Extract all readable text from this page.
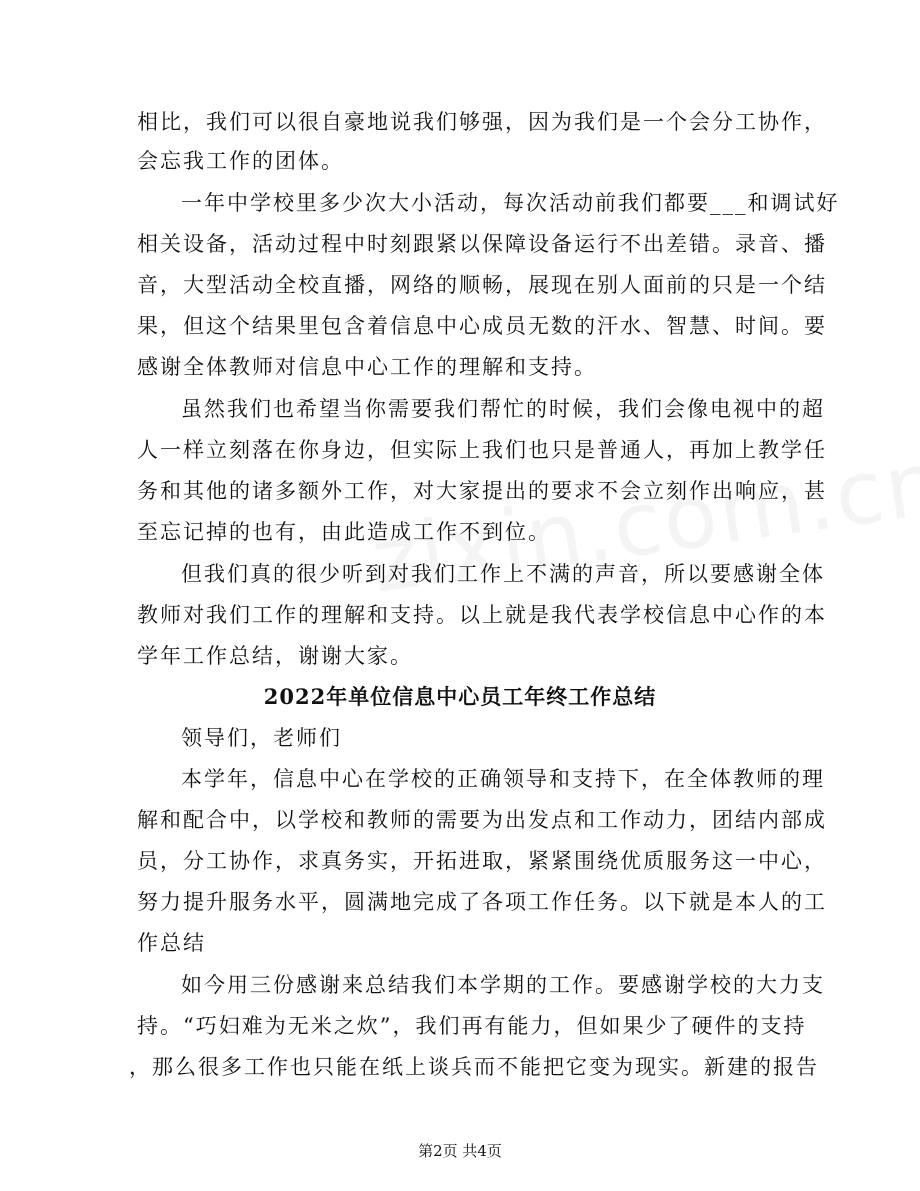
相比，我们可以很自豪地说我们够强，因为我们是一个会分工协作，
会忘我工作的团体。
一年中学校里多少次大小活动，每次活动前我们都要___和调试好
相关设备，活动过程中时刻跟紧以保障设备运行不出差错。录音、播
音，大型活动全校直播，网络的顺畅，展现在别人面前的只是一个结
果，但这个结果里包含着信息中心成员无数的汗水、智慧、时间。要
感谢全体教师对信息中心工作的理解和支持。
虽然我们也希望当你需要我们帮忙的时候，我们会像电视中的超
人一样立刻落在你身边，但实际上我们也只是普通人，再加上教学任
务和其他的诸多额外工作，对大家提出的要求不会立刻作出响应，甚
至忘记掉的也有，由此造成工作不到位。
但我们真的很少听到对我们工作上不满的声音，所以要感谢全体
教师对我们工作的理解和支持。以上就是我代表学校信息中心作的本
学年工作总结，谢谢大家。
2022年单位信息中心员工年终工作总结
领导们，老师们
本学年，信息中心在学校的正确领导和支持下，在全体教师的理
解和配合中，以学校和教师的需要为出发点和工作动力，团结内部成
员，分工协作，求真务实，开拓进取，紧紧围绕优质服务这一中心，
努力提升服务水平，圆满地完成了各项工作任务。以下就是本人的工
作总结
如今用三份感谢来总结我们本学期的工作。要感谢学校的大力支
持。“巧妇难为无米之炊”，我们再有能力，但如果少了硬件的支持
，那么很多工作也只能在纸上谈兵而不能把它变为现实。新建的报告
第2页 共4页
